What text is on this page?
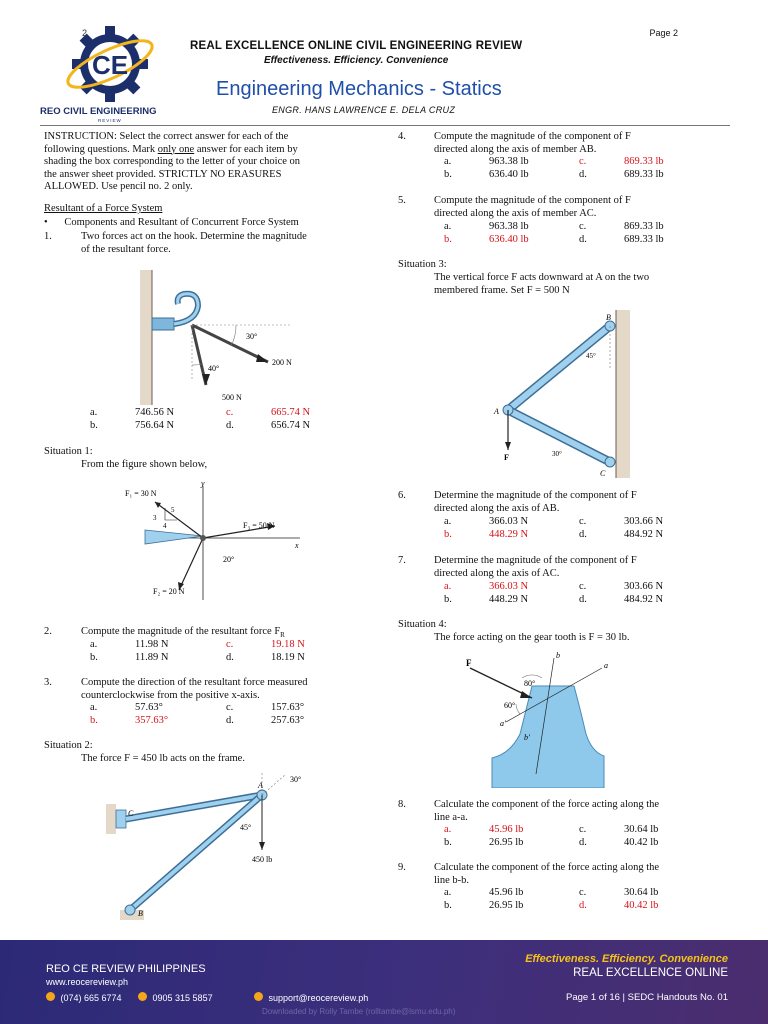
CE
2
REO CIVIL ENGINEERING
REVIEW
Page 2
REAL EXCELLENCE ONLINE CIVIL ENGINEERING REVIEW
Effectiveness. Efficiency. Convenience
Engineering Mechanics - Statics
ENGR. HANS LAWRENCE E. DELA CRUZ
INSTRUCTION: Select the correct answer for each of the
following questions. Mark only one answer for each item by
shading the box corresponding to the letter of your choice on
the answer sheet provided. STRICTLY NO ERASURES
ALLOWED. Use pencil no. 2 only.
Resultant of a Force System
• Components and Resultant of Concurrent Force System
1.	Two forces act on the hook. Determine the magnitude
of the resultant force.
30°
200 N
40°
500 N
a.	746.56 N	c.	665.74 N
b.	756.64 N	d.	656.74 N
Situation 1:
From the figure shown below,
y
x
F₁ = 30 N
5
3
4	F₃ = 50 N
20°
F₂ = 20 N
2.	Compute the magnitude of the resultant force $F_R$
a.	11.98 N	c.	19.18 N
b.	11.89 N	d.	18.19 N
3.	Compute the direction of the resultant force measured
counterclockwise from the positive x-axis.
a.	57.63°	c.	157.63°
b.	357.63°	d.	257.63°
Situation 2:
The force F = 450 lb acts on the frame.
A
C
B
30°
45°
450 lb
4.	Compute the magnitude of the component of F
directed along the axis of member AB.
a.	963.38 lb	c.	869.33 lb
b.	636.40 lb	d.	689.33 lb
5.	Compute the magnitude of the component of F
directed along the axis of member AC.
a.	963.38 lb	c.	869.33 lb
b.	636.40 lb	d.	689.33 lb
Situation 3:
The vertical force F acts downward at A on the two
membered frame. Set F = 500 N
B
A
C
F
45°
30°
6.	Determine the magnitude of the component of F
directed along the axis of AB.
a.	366.03 N	c.	303.66 N
b.	448.29 N	d.	484.92 N
7.	Determine the magnitude of the component of F
directed along the axis of AC.
a.	366.03 N	c.	303.66 N
b.	448.29 N	d.	484.92 N
Situation 4:
The force acting on the gear tooth is F = 30 lb.
F
b
a
a'
b'
80°
60°
8.	Calculate the component of the force acting along the
line a-a.
a.	45.96 lb	c.	30.64 lb
b.	26.95 lb	d.	40.42 lb
9.	Calculate the component of the force acting along the
line b-b.
a.	45.96 lb	c.	30.64 lb
b.	26.95 lb	d.	40.42 lb
Effectiveness. Efficiency. Convenience
REAL EXCELLENCE ONLINE
REO CE REVIEW PHILIPPINES
www.reocereview.ph
(074) 665 6774	0905 315 5857	support@reocereview.ph	Page 1 of 16 | SEDC Handouts No. 01
Downloaded by Rolly Tambe (rolltambe@lsmu.edu.ph)
